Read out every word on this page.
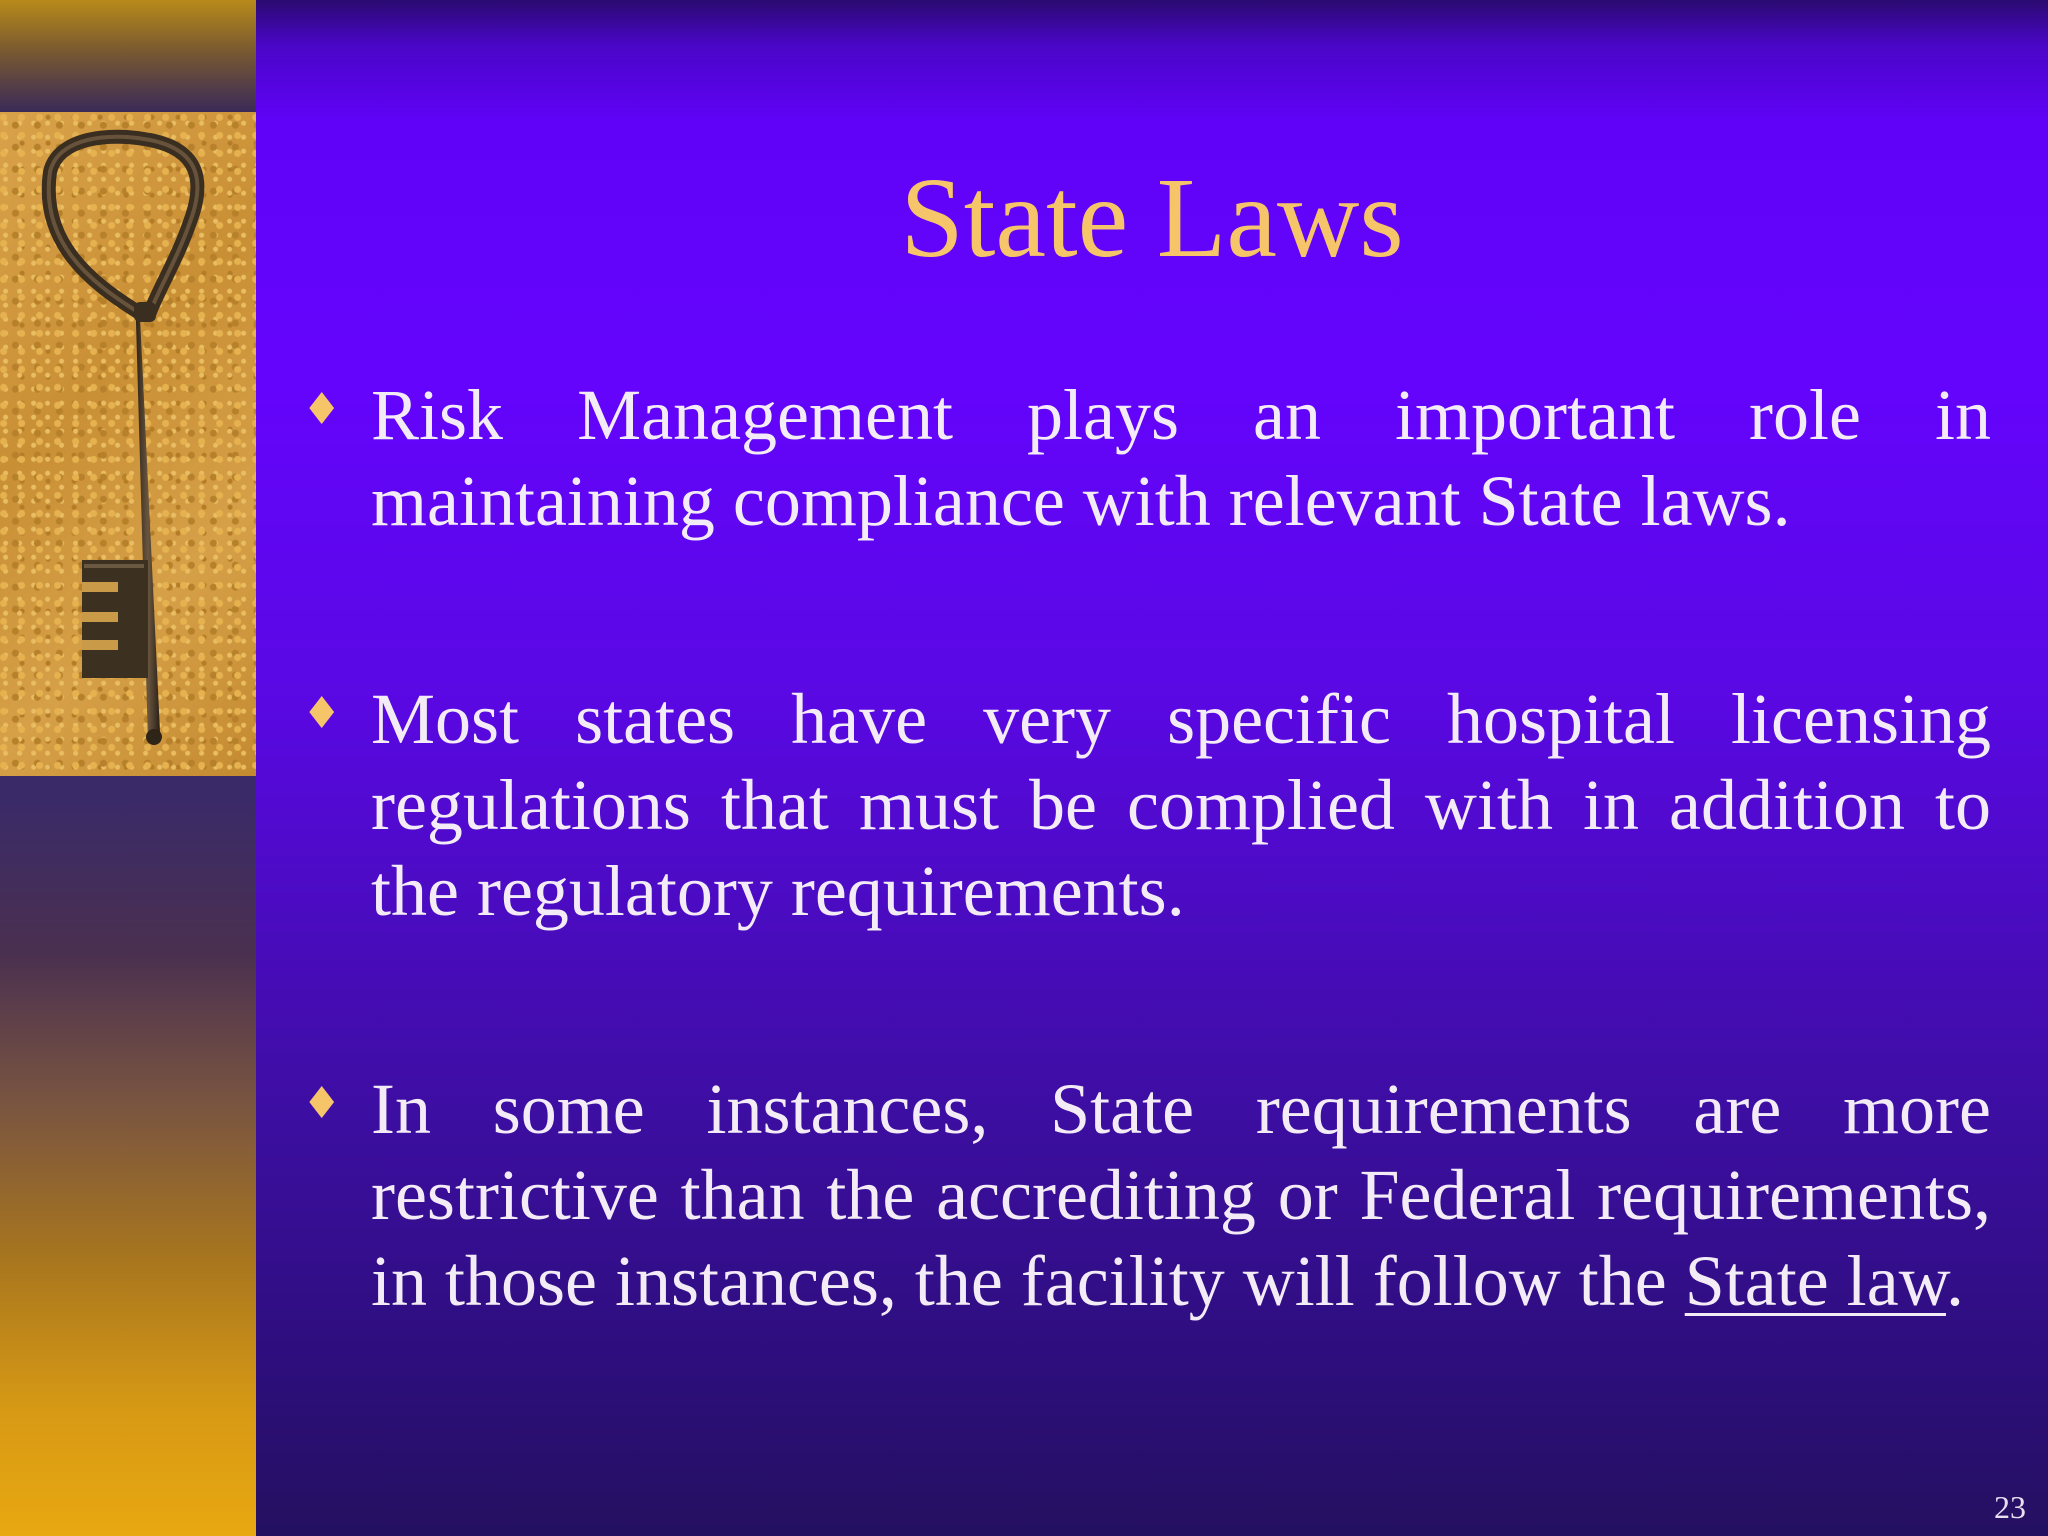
State Laws
♦ Risk Management plays an important role in maintaining compliance with relevant State laws.

♦ Most states have very specific hospital licensing regulations that must be complied with in addition to the regulatory requirements.

♦ In some instances, State requirements are more restrictive than the accrediting or Federal requirements, in those instances, the facility will follow the State law.

23
